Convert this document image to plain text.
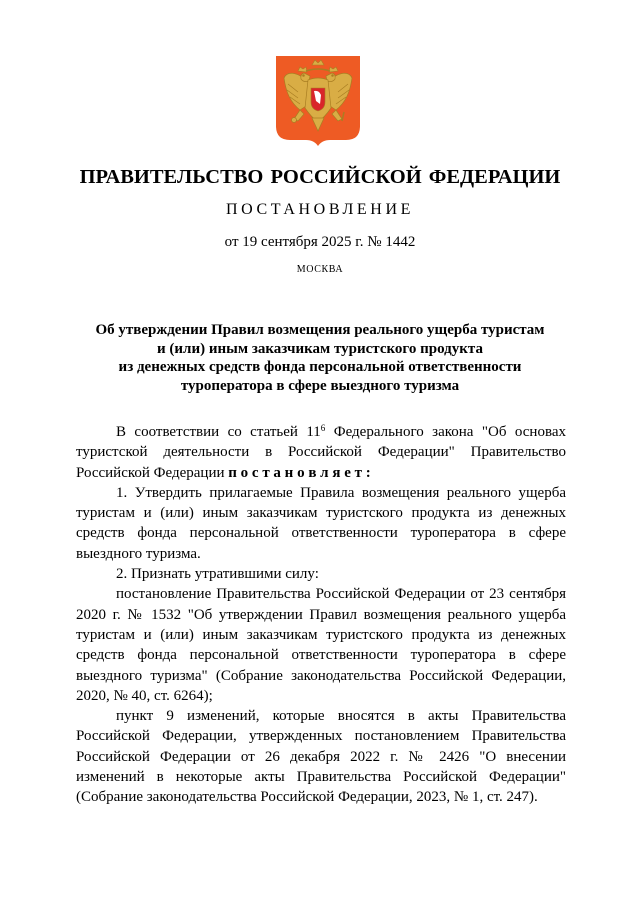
ПРАВИТЕЛЬСТВО РОССИЙСКОЙ ФЕДЕРАЦИИ
ПОСТАНОВЛЕНИЕ
от 19 сентября 2025 г. № 1442
МОСКВА
Об утверждении Правил возмещения реального ущерба туристам
и (или) иным заказчикам туристского продукта
из денежных средств фонда персональной ответственности
туроператора в сфере выездного туризма

В соответствии со статьей $11^6$ Федерального закона "Об основах туристской деятельности в Российской Федерации" Правительство Российской Федерации п о с т а н о в л я е т :

1. Утвердить прилагаемые Правила возмещения реального ущерба туристам и (или) иным заказчикам туристского продукта из денежных средств фонда персональной ответственности туроператора в сфере выездного туризма.

2. Признать утратившими силу:

постановление Правительства Российской Федерации от 23 сентября 2020 г. № 1532 "Об утверждении Правил возмещения реального ущерба туристам и (или) иным заказчикам туристского продукта из денежных средств фонда персональной ответственности туроператора в сфере выездного туризма" (Собрание законодательства Российской Федерации, 2020, № 40, ст. 6264);

пункт 9 изменений, которые вносятся в акты Правительства Российской Федерации, утвержденных постановлением Правительства Российской Федерации от 26 декабря 2022 г. № 2426 "О внесении изменений в некоторые акты Правительства Российской Федерации" (Собрание законодательства Российской Федерации, 2023, № 1, ст. 247).
